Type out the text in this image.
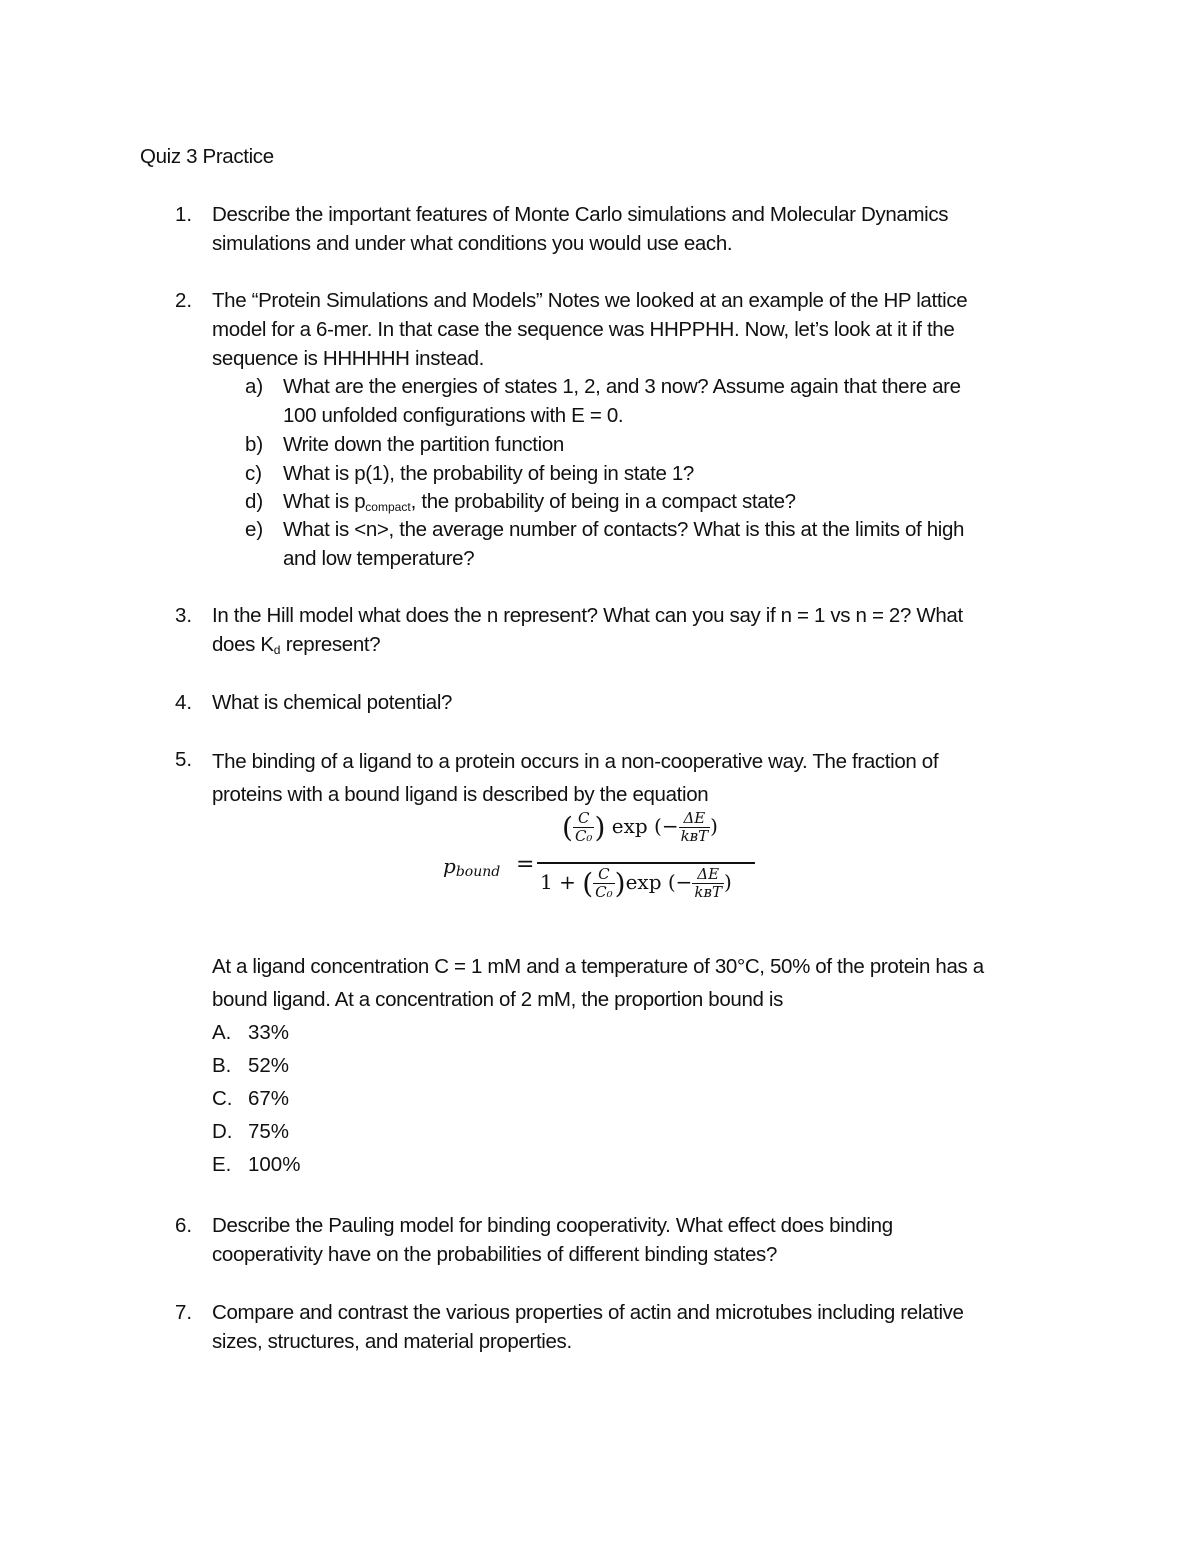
Quiz 3 Practice
1. Describe the important features of Monte Carlo simulations and Molecular Dynamics
simulations and under what conditions you would use each.
2. The “Protein Simulations and Models” Notes we looked at an example of the HP lattice
model for a 6-mer. In that case the sequence was HHPPHH. Now, let’s look at it if the
sequence is HHHHHH instead.
a) What are the energies of states 1, 2, and 3 now? Assume again that there are
100 unfolded configurations with E = 0.
b) Write down the partition function
c) What is p(1), the probability of being in state 1?
d) What is pcompact, the probability of being in a compact state?
e) What is <n>, the average number of contacts? What is this at the limits of high
and low temperature?
3. In the Hill model what does the n represent? What can you say if n = 1 vs n = 2? What
does Kd represent?
4. What is chemical potential?
5. The binding of a ligand to a protein occurs in a non-cooperative way. The fraction of
proteins with a bound ligand is described by the equation
pbound =
( $\frac{C}{\text{C₀}}$ ) exp (− ΔE
kʙT )
1 + ( $\frac{C}{\text{C₀}} )\exp$ (− ΔE
kʙT )
At a ligand concentration C = 1 mM and a temperature of 30°C, 50% of the protein has a
bound ligand. At a concentration of 2 mM, the proportion bound is
A. 33%
B. 52%
C. 67%
D. 75%
E. 100%
6. Describe the Pauling model for binding cooperativity. What effect does binding
cooperativity have on the probabilities of different binding states?
7. Compare and contrast the various properties of actin and microtubes including relative
sizes, structures, and material properties.
